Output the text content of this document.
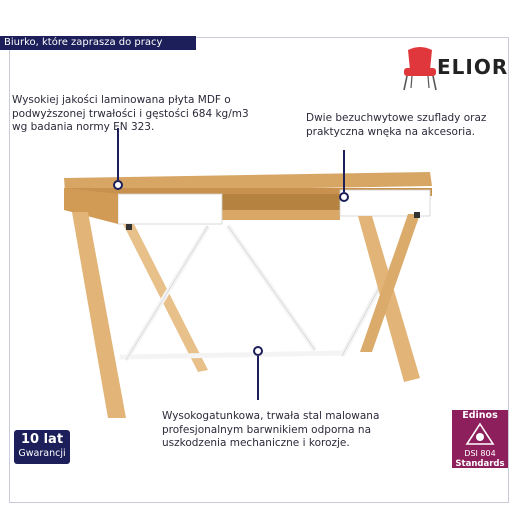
Biurko, które zaprasza do pracy
ELIOR
Wysokiej jakości laminowana płyta MDF o podwyższonej trwałości i gęstości 684 kg/m3 wg badania normy EN 323.
Dwie bezuchwytowe szuflady oraz praktyczna wnęka na akcesoria.
Wysokogatunkowa, trwała stal malowana profesjonalnym barwnikiem odporna na uszkodzenia mechaniczne i korozje.
10 lat
Gwarancji
Edinos
DSI 804
Standards
